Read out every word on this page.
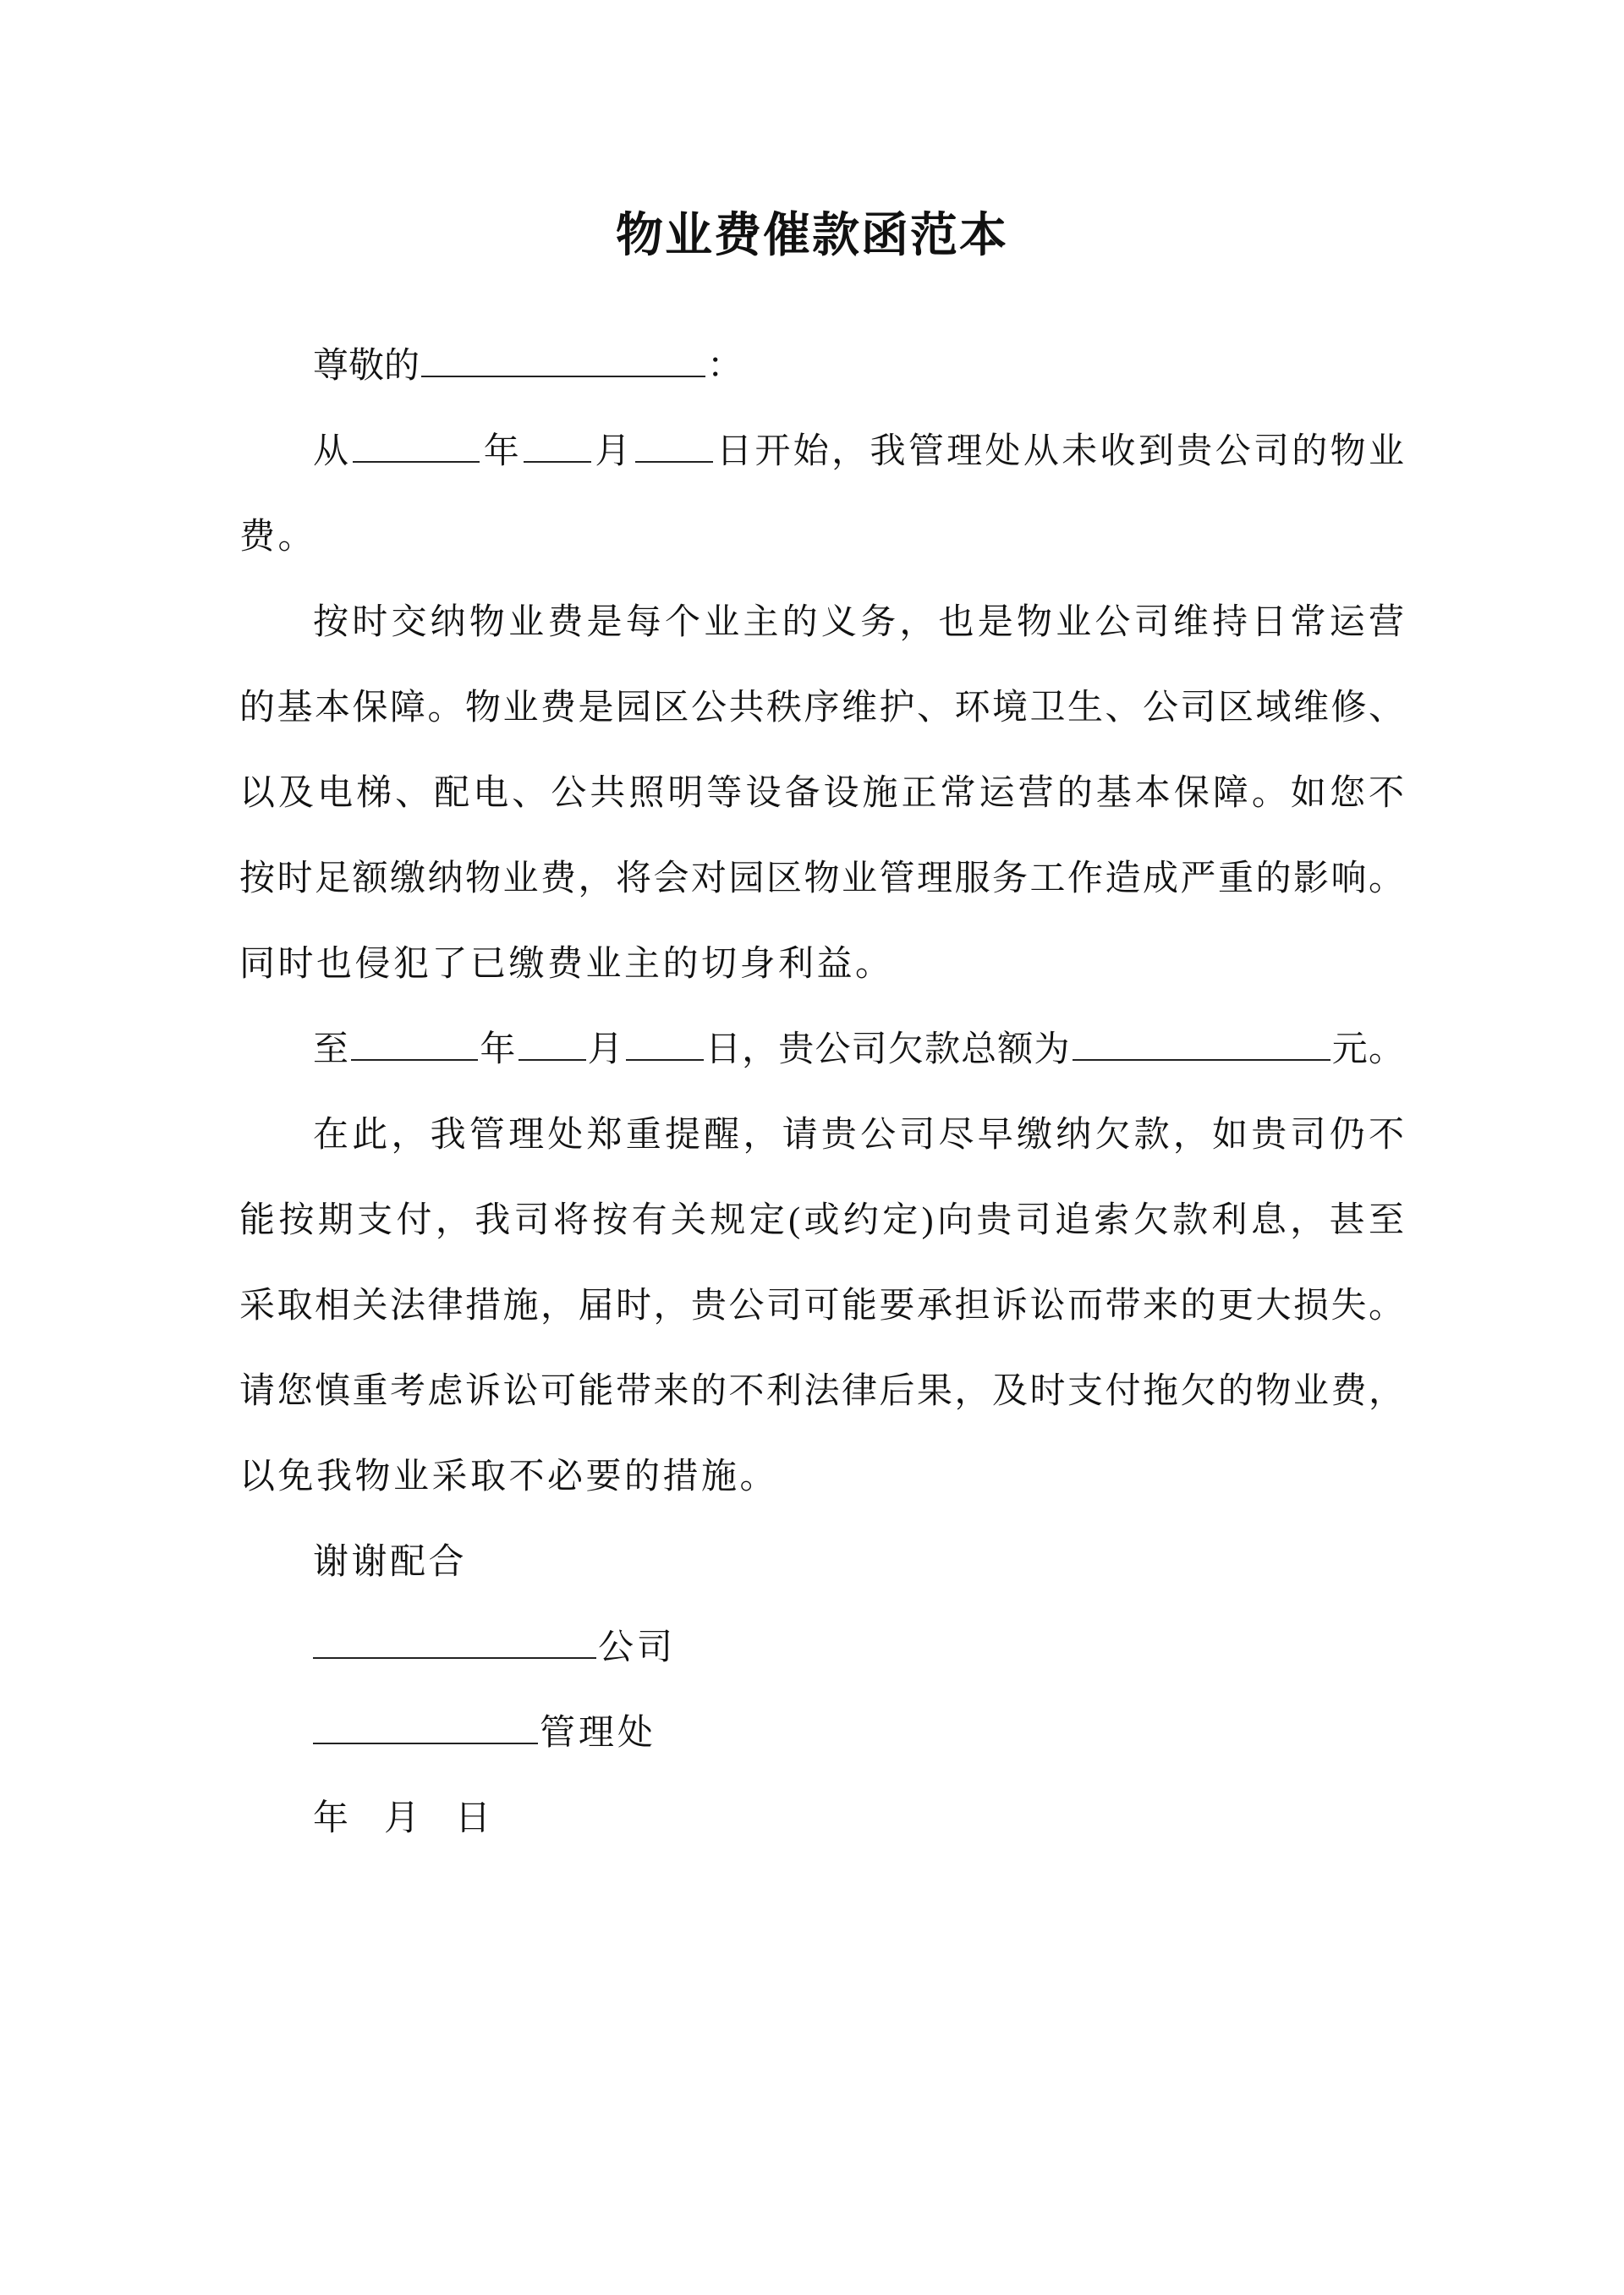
物业费催款函范本
尊敬的	：
从	年 月 日开始，我管理处从未收到贵公司的物业
费。
按时交纳物业费是每个业主的义务，也是物业公司维持日常运营
的基本保障。物业费是园区公共秩序维护、环境卫生、公司区域维修、
以及电梯、配电、公共照明等设备设施正常运营的基本保障。如您不
按时足额缴纳物业费，将会对园区物业管理服务工作造成严重的影响。
同时也侵犯了已缴费业主的切身利益。
至	年 月 日，贵公司欠款总额为	元。
在此，我管理处郑重提醒，请贵公司尽早缴纳欠款，如贵司仍不
能按期支付，我司将按有关规定(或约定)向贵司追索欠款利息，甚至
采取相关法律措施，届时，贵公司可能要承担诉讼而带来的更大损失。
请您慎重考虑诉讼可能带来的不利法律后果，及时支付拖欠的物业费，
以免我物业采取不必要的措施。
谢谢配合
公司
管理处
年 月 日
